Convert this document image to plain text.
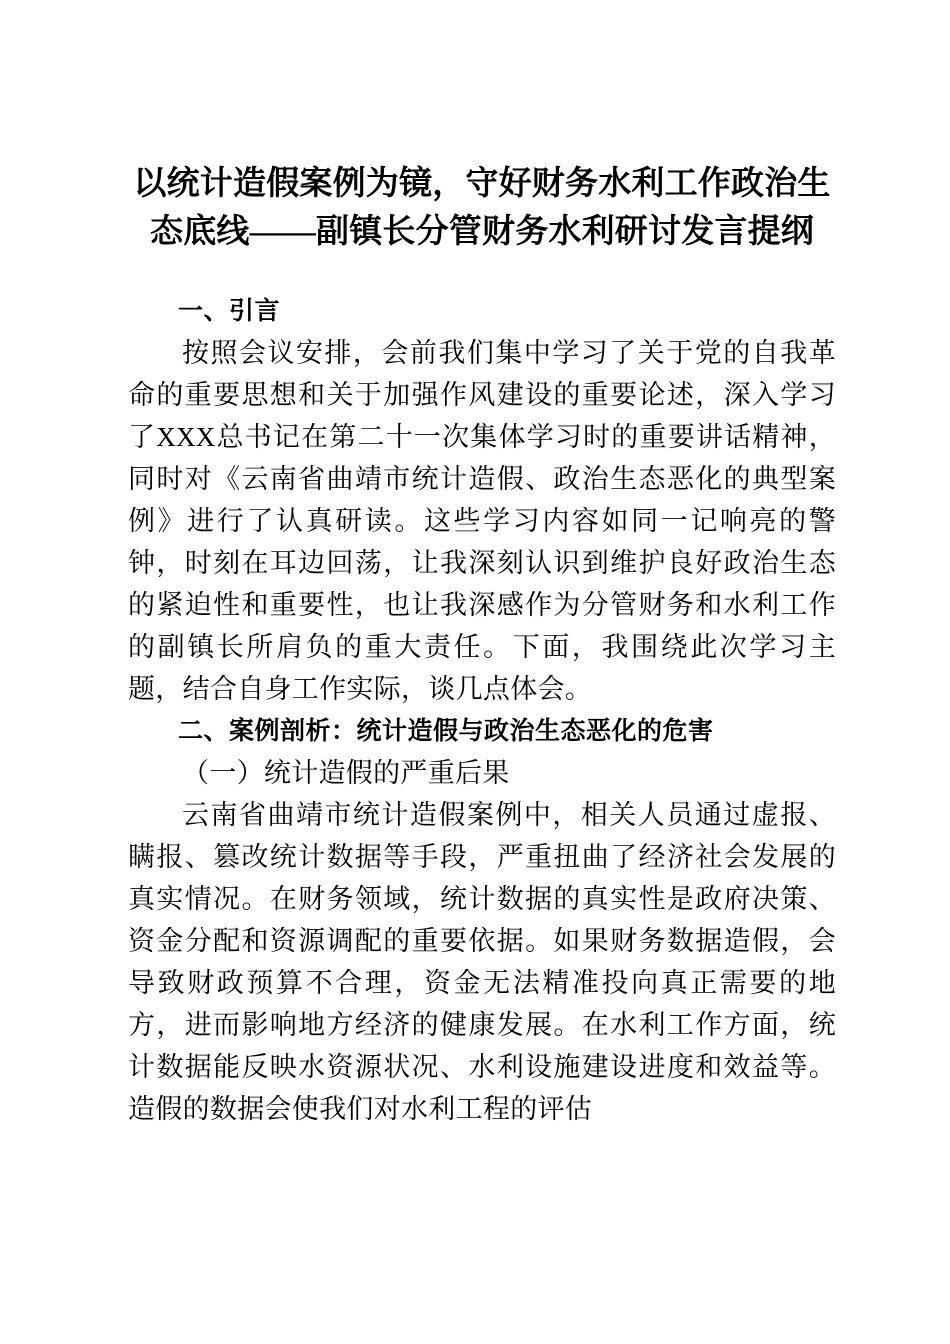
以统计造假案例为镜，守好财务水利工作政治生态底线——副镇长分管财务水利研讨发言提纲
一、引言

按照会议安排，会前我们集中学习了关于党的自我革命的重要思想和关于加强作风建设的重要论述，深入学习了XXX总书记在第二十一次集体学习时的重要讲话精神，同时对《云南省曲靖市统计造假、政治生态恶化的典型案例》进行了认真研读。这些学习内容如同一记响亮的警钟，时刻在耳边回荡，让我深刻认识到维护良好政治生态的紧迫性和重要性，也让我深感作为分管财务和水利工作的副镇长所肩负的重大责任。下面，我围绕此次学习主题，结合自身工作实际，谈几点体会。

二、案例剖析：统计造假与政治生态恶化的危害
（一）统计造假的严重后果

云南省曲靖市统计造假案例中，相关人员通过虚报、瞒报、篡改统计数据等手段，严重扭曲了经济社会发展的真实情况。在财务领域，统计数据的真实性是政府决策、资金分配和资源调配的重要依据。如果财务数据造假，会导致财政预算不合理，资金无法精准投向真正需要的地方，进而影响地方经济的健康发展。在水利工作方面，统计数据能反映水资源状况、水利设施建设进度和效益等。造假的数据会使我们对水利工程的评估
